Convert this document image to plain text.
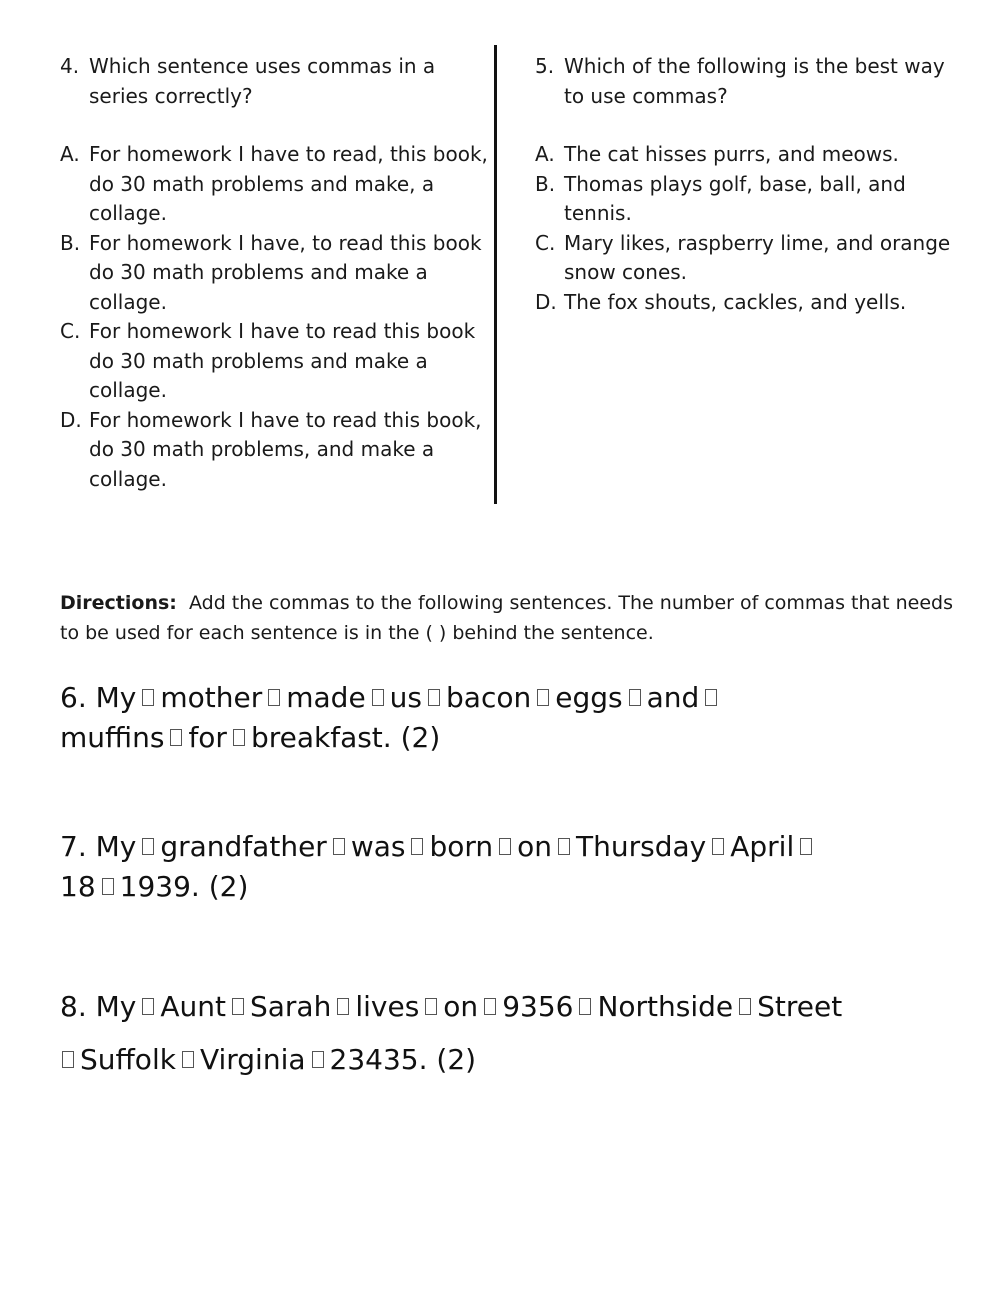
4. Which sentence uses commas in a series correctly?
A. For homework I have to read, this book, do 30 math problems and make, a collage.
B. For homework I have, to read this book do 30 math problems and make a collage.
C. For homework I have to read this book do 30 math problems and make a collage.
D. For homework I have to read this book, do 30 math problems, and make a collage.
5. Which of the following is the best way to use commas?
A. The cat hisses purrs, and meows.
B. Thomas plays golf, base, ball, and tennis.
C. Mary likes, raspberry lime, and orange snow cones.
D. The fox shouts, cackles, and yells.
Directions: Add the commas to the following sentences. The number of commas that needs to be used for each sentence is in the ( ) behind the sentence.
6. My mother made us bacon eggs and
muffins for breakfast. (2)
7. My grandfather was born on Thursday April
18 1939. (2)
8. My Aunt Sarah lives on 9356 Northside Street
Suffolk Virginia 23435. (2)
